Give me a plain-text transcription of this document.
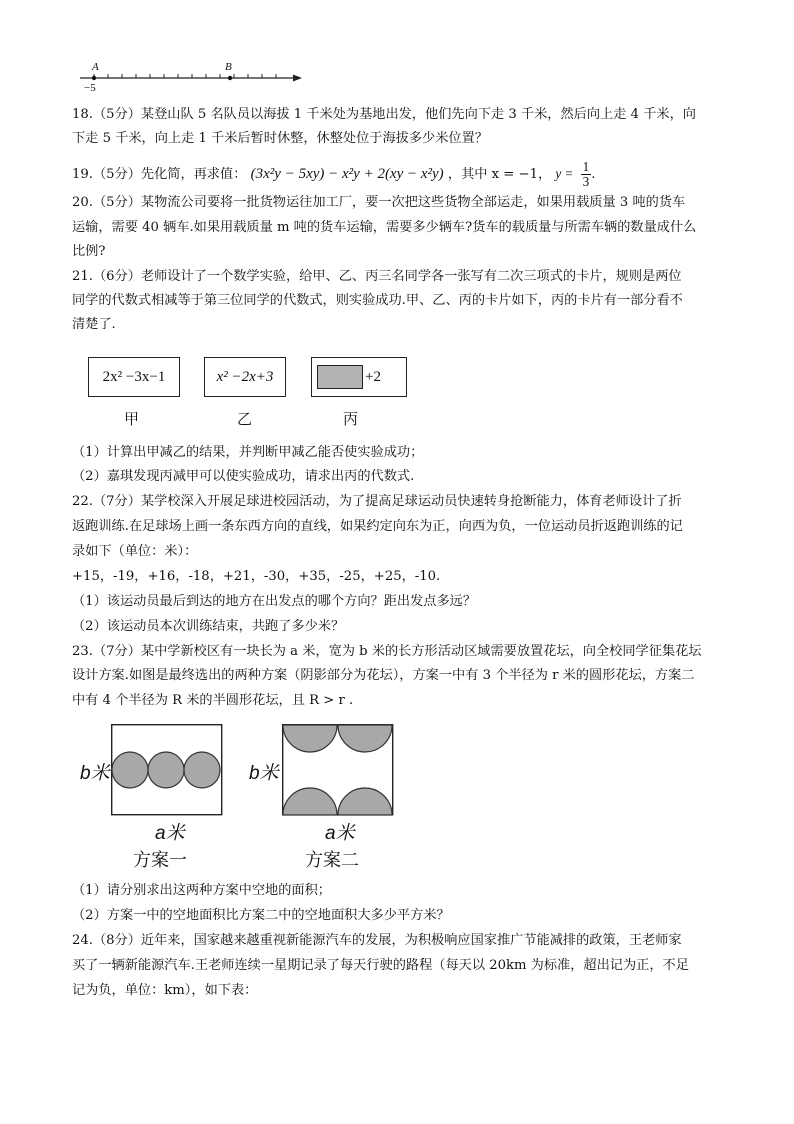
A	B
−5
18.（5分）某登山队 5 名队员以海拔 1 千米处为基地出发，他们先向下走 3 千米，然后向上走 4 千米，向
下走 5 千米，向上走 1 千米后暂时休整，休整处位于海拔多少米位置？
19.（5分）先化简，再求值： (3x²y − 5xy) − x²y + 2(xy − x²y) ，其中 x = −1， $y = \frac{1}{3}$ .
20.（5分）某物流公司要将一批货物运往加工厂，要一次把这些货物全部运走，如果用载质量 3 吨的货车
运输，需要 40 辆车.如果用载质量 m 吨的货车运输，需要多少辆车?货车的载质量与所需车辆的数量成什么
比例?
21.（6分）老师设计了一个数学实验，给甲、乙、丙三名同学各一张写有二次三项式的卡片，规则是两位
同学的代数式相减等于第三位同学的代数式，则实验成功.甲、乙、丙的卡片如下，丙的卡片有一部分看不
清楚了.
2x² −3x−1	x² −2x+3	+2
甲	乙	丙
（1）计算出甲减乙的结果，并判断甲减乙能否使实验成功；
（2）嘉琪发现丙减甲可以使实验成功，请求出丙的代数式.
22.（7分）某学校深入开展足球进校园活动，为了提高足球运动员快速转身抢断能力，体育老师设计了折
返跑训练.在足球场上画一条东西方向的直线，如果约定向东为正，向西为负，一位运动员折返跑训练的记
录如下（单位：米）：
+15，-19，+16，-18，+21，-30，+35，-25，+25，-10.
（1）该运动员最后到达的地方在出发点的哪个方向？距出发点多远？
（2）该运动员本次训练结束，共跑了多少米？
23.（7分）某中学新校区有一块长为 a 米，宽为 b 米的长方形活动区域需要放置花坛，向全校同学征集花坛
设计方案.如图是最终选出的两种方案（阴影部分为花坛），方案一中有 3 个半径为 r 米的圆形花坛，方案二
中有 4 个半径为 R 米的半圆形花坛，且 R > r .
b米
a米
方案一
b米
a米
方案二
（1）请分别求出这两种方案中空地的面积；
（2）方案一中的空地面积比方案二中的空地面积大多少平方米？
24.（8分）近年来，国家越来越重视新能源汽车的发展，为积极响应国家推广节能减排的政策，王老师家
买了一辆新能源汽车.王老师连续一星期记录了每天行驶的路程（每天以 20km 为标准，超出记为正，不足
记为负，单位：km），如下表：
